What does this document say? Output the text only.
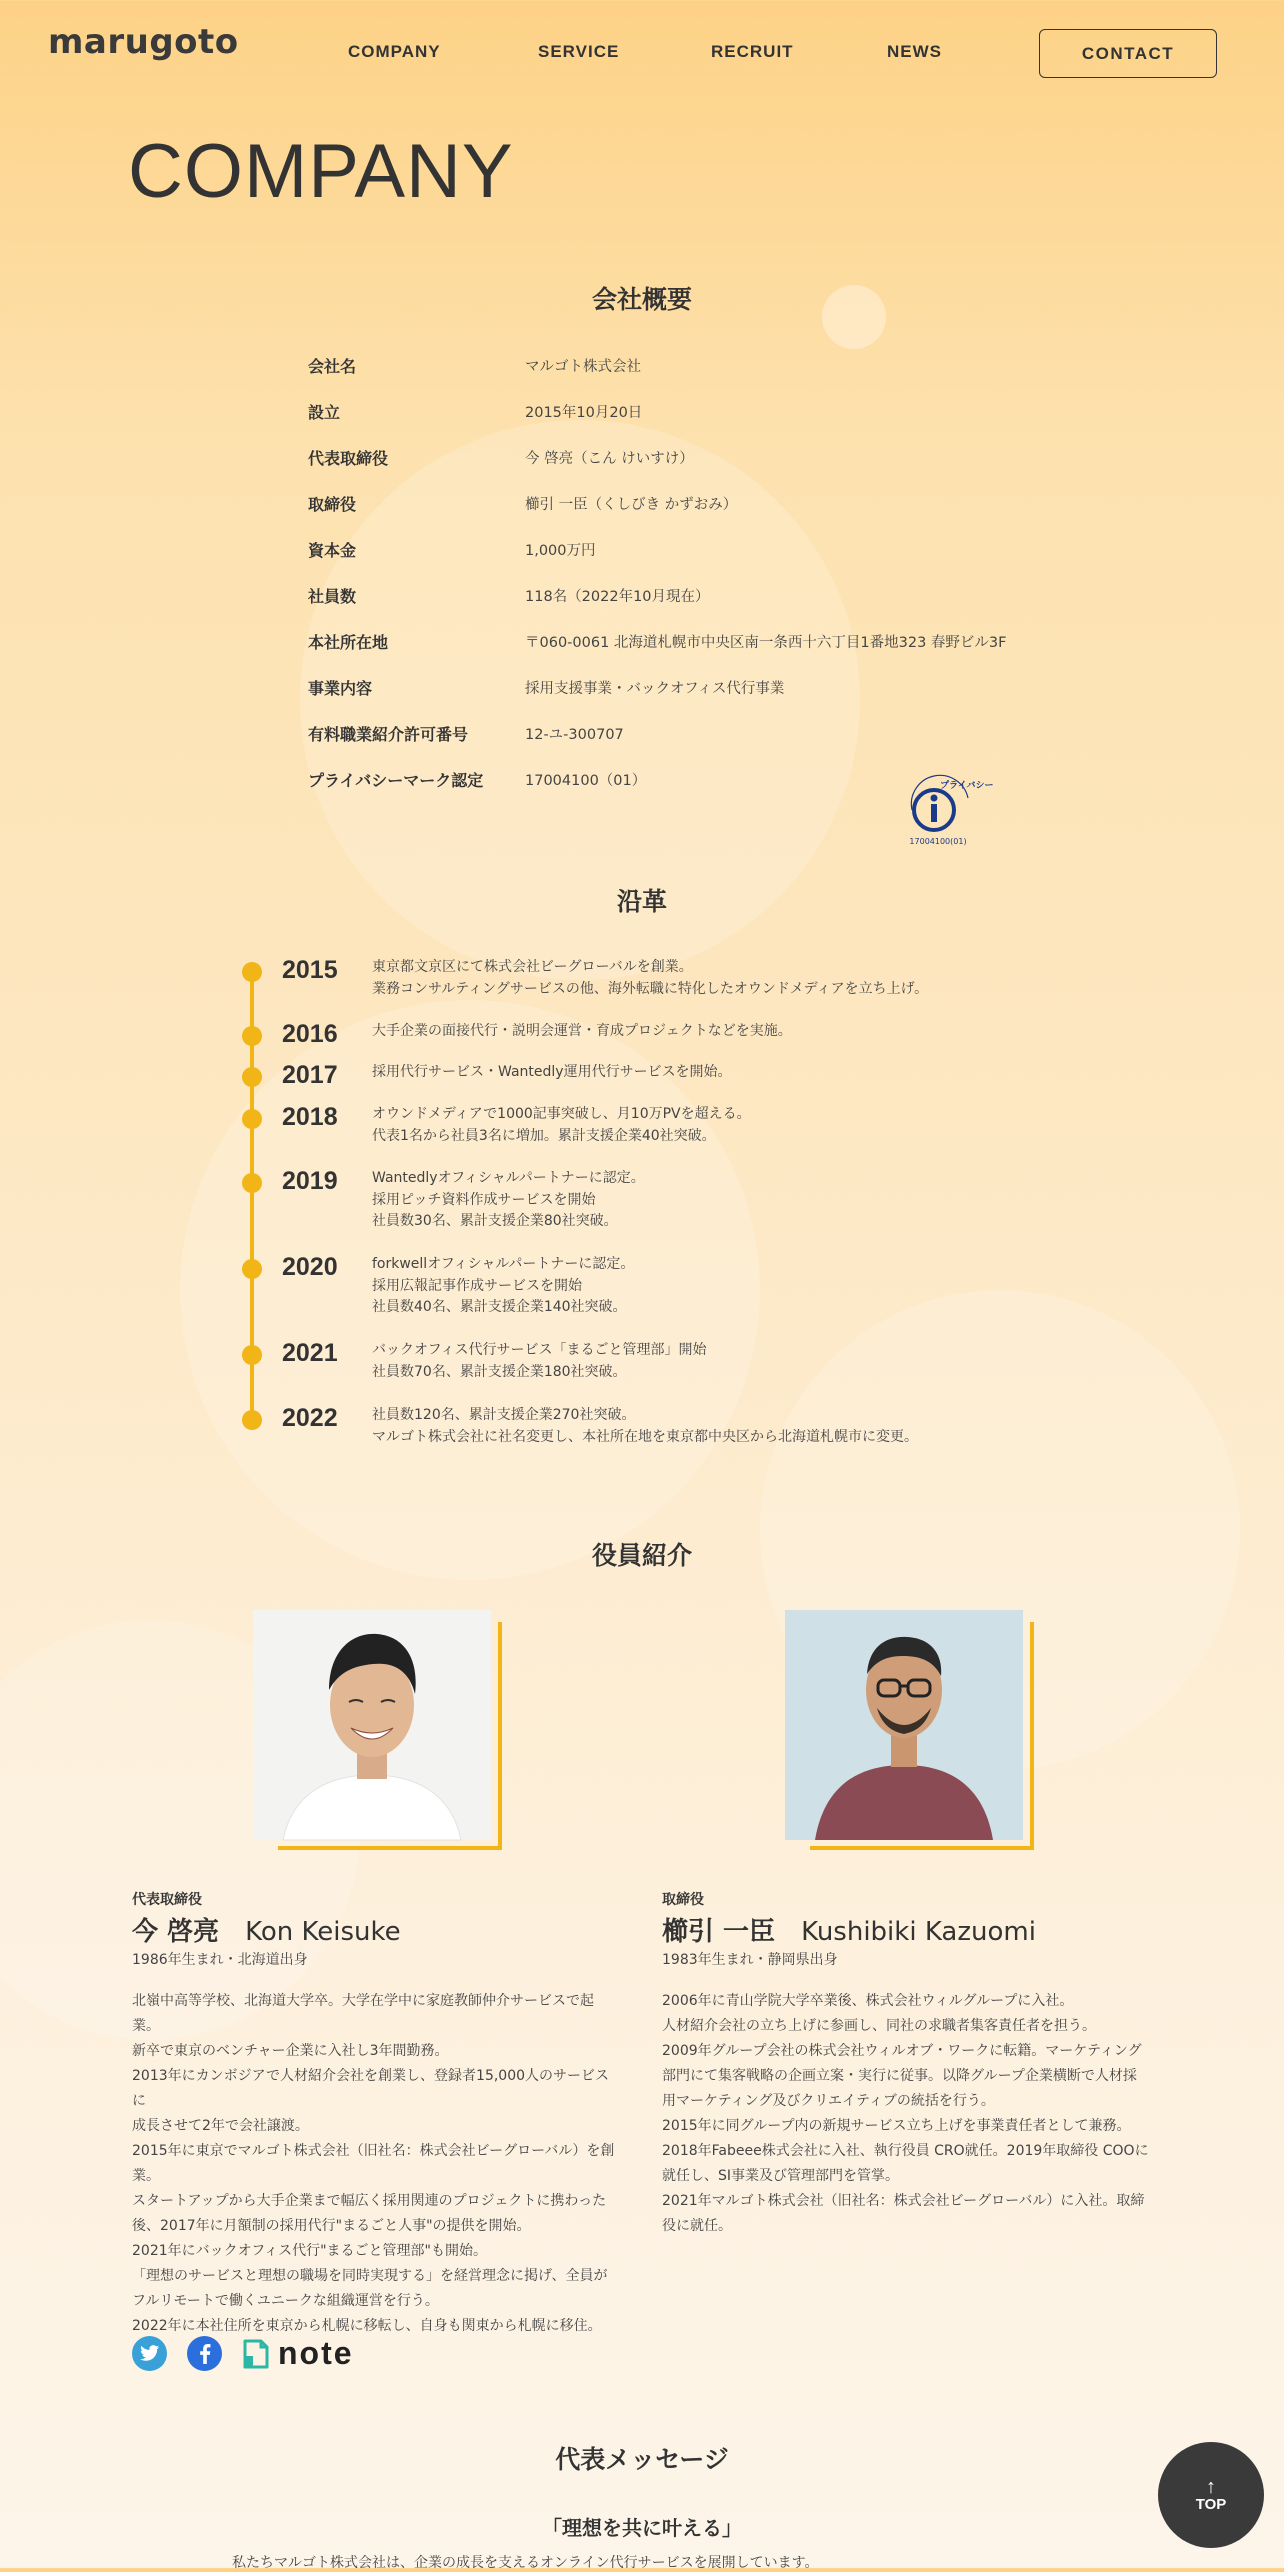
marugoto	COMPANY	SERVICE	RECRUIT	NEWS	CONTACT
COMPANY
会社概要
会社名	マルゴト株式会社
設立	2015年10月20日
代表取締役	今 啓亮（こん けいすけ）
取締役	櫛引 一臣（くしびき かずおみ）
資本金	1,000万円
社員数	118名（2022年10月現在）
本社所在地	〒060-0061 北海道札幌市中央区南一条西十六丁目1番地323 春野ビル3F
事業内容	採用支援事業・バックオフィス代行事業
有料職業紹介許可番号	12-ユ-300707
プライバシーマーク認定	17004100（01）	プライバシー
17004100(01)
沿革
2015 東京都文京区にて株式会社ビーグローバルを創業。
業務コンサルティングサービスの他、海外転職に特化したオウンドメディアを立ち上げ。
2016 大手企業の面接代行・説明会運営・育成プロジェクトなどを実施。
2017 採用代行サービス・Wantedly運用代行サービスを開始。
2018 オウンドメディアで1000記事突破し、月10万PVを超える。
代表1名から社員3名に増加。累計支援企業40社突破。
2019 Wantedlyオフィシャルパートナーに認定。
採用ピッチ資料作成サービスを開始
社員数30名、累計支援企業80社突破。
2020 forkwellオフィシャルパートナーに認定。
採用広報記事作成サービスを開始
社員数40名、累計支援企業140社突破。
2021 バックオフィス代行サービス「まるごと管理部」開始
社員数70名、累計支援企業180社突破。
2022 社員数120名、累計支援企業270社突破。
マルゴト株式会社に社名変更し、本社所在地を東京都中央区から北海道札幌市に変更。
役員紹介
代表取締役
今 啓亮 Kon Keisuke
1986年生まれ・北海道出身

北嶺中高等学校、北海道大学卒。大学在学中に家庭教師仲介サービスで起

業。

新卒で東京のベンチャー企業に入社し3年間勤務。

2013年にカンボジアで人材紹介会社を創業し、登録者15,000人のサービスに

成長させて2年で会社譲渡。

2015年に東京でマルゴト株式会社（旧社名：株式会社ビーグローバル）を創

業。

スタートアップから大手企業まで幅広く採用関連のプロジェクトに携わった

後、2017年に月額制の採用代行"まるごと人事"の提供を開始。

2021年にバックオフィス代行"まるごと管理部"も開始。

「理想のサービスと理想の職場を同時実現する」を経営理念に掲げ、全員が

フルリモートで働くユニークな組織運営を行う。

2022年に本社住所を東京から札幌に移転し、自身も関東から札幌に移住。

取締役
櫛引 一臣 Kushibiki Kazuomi
1983年生まれ・静岡県出身

2006年に青山学院大学卒業後、株式会社ウィルグループに入社。

人材紹介会社の立ち上げに参画し、同社の求職者集客責任者を担う。

2009年グループ会社の株式会社ウィルオブ・ワークに転籍。マーケティング

部門にて集客戦略の企画立案・実行に従事。以降グループ企業横断で人材採

用マーケティング及びクリエイティブの統括を行う。

2015年に同グループ内の新規サービス立ち上げを事業責任者として兼務。

2018年Fabeee株式会社に入社、執行役員 CRO就任。2019年取締役 COOに

就任し、SI事業及び管理部門を管掌。

2021年マルゴト株式会社（旧社名：株式会社ビーグローバル）に入社。取締

役に就任。

note
代表メッセージ
「理想を共に叶える」
私たちマルゴト株式会社は、企業の成長を支えるオンライン代行サービスを展開しています。
↑
TOP
